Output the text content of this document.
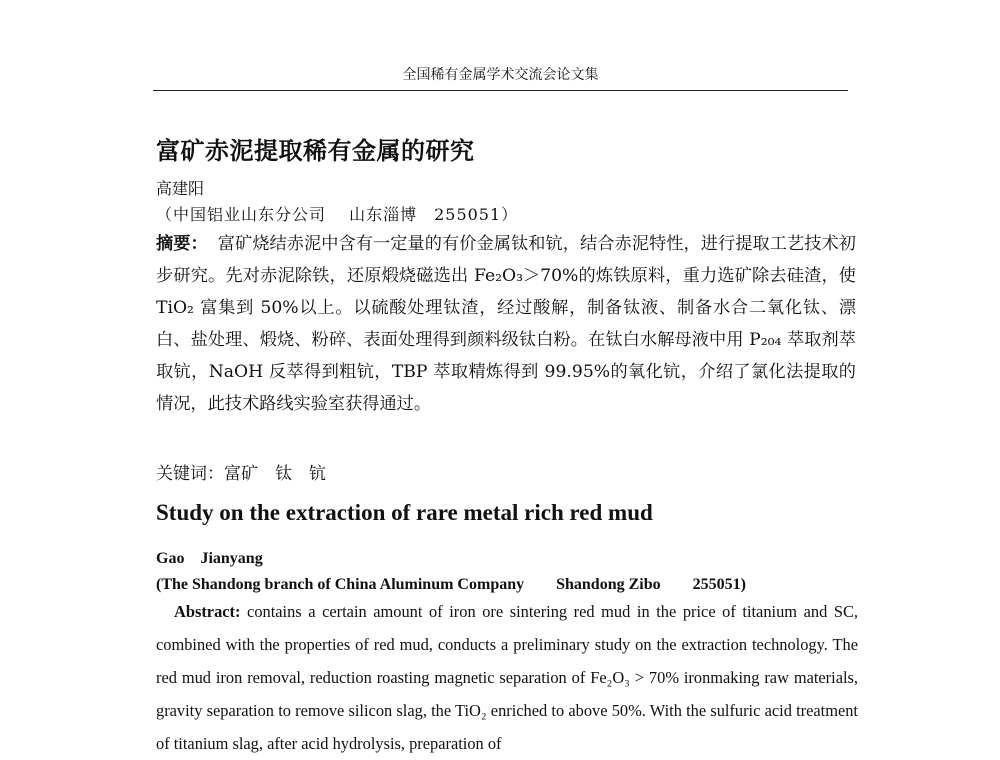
全国稀有金属学术交流会论文集
富矿赤泥提取稀有金属的研究
高建阳
（中国铝业山东分公司　 山东淄博　255051）

摘要： 富矿烧结赤泥中含有一定量的有价金属钛和钪，结合赤泥特性，进行提取工艺技术初步研究。先对赤泥除铁，还原煅烧磁选出 Fe₂O₃＞70%的炼铁原料，重力选矿除去硅渣，使 TiO₂ 富集到 50%以上。以硫酸处理钛渣，经过酸解，制备钛液、制备水合二氧化钛、漂白、盐处理、煅烧、粉碎、表面处理得到颜料级钛白粉。在钛白水解母液中用 P₂₀₄ 萃取剂萃取钪，NaOH 反萃得到粗钪，TBP 萃取精炼得到 99.95%的氧化钪，介绍了氯化法提取的情况，此技术路线实验室获得通过。

关键词：富矿　钛　钪
Study on the extraction of rare metal rich red mud
Gao　Jianyang
(The Shandong branch of China Aluminum Company　　Shandong Zibo　　255051)

Abstract: contains a certain amount of iron ore sintering red mud in the price of titanium and SC, combined with the properties of red mud, conducts a preliminary study on the extraction technology. The red mud iron removal, reduction roasting magnetic separation of Fe₂O₃ > 70% ironmaking raw materials, gravity separation to remove silicon slag, the TiO₂ enriched to above 50%. With the sulfuric acid treatment of titanium slag, after acid hydrolysis, preparation of
